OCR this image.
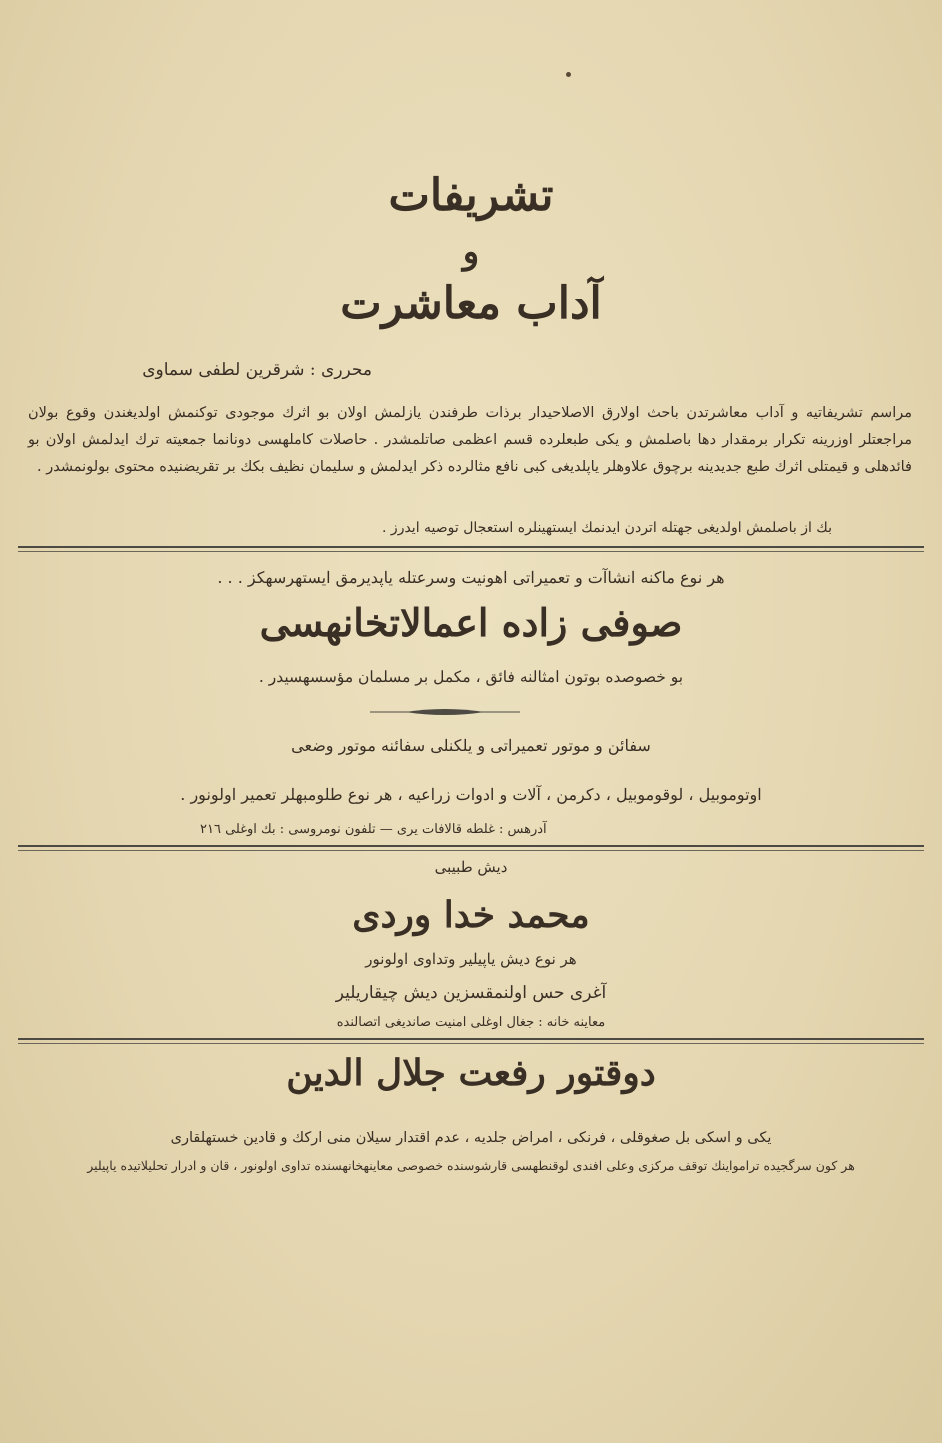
تشریفات
و
آداب معاشرت
محرری : شرقرین لطفی سماوی
مراسم تشریفاتیه و آداب معاشرتدن باحث اولارق الاصلاحیدار برذات طرفندن یازلمش اولان بو اثرك موجودی توكنمش اولدیغندن وقوع بولان مراجعتلر اوزرینه تكرار برمقدار دها باصلمش و یكی طبعلرده قسم اعظمی صاتلمشدر . حاصلات كاملهسی دونانما جمعیته ترك ایدلمش اولان بو فائدهلی و قیمتلی اثرك طبع جدیدینه برچوق علاوهلر یاپلدیغی كبی نافع مثالرده ذكر ایدلمش و سلیمان نظیف بكك بر تقریضنیده محتوی بولونمشدر .
بك از باصلمش اولدیغی جهتله اتردن ایدنمك ایستهینلره استعجال توصیه ایدرز .
هر نوع ماكنه انشاآت و تعمیراتی اهونیت وسرعتله یاپدیرمق ایستهرسهكز . . .
صوفی زاده اعمالاتخانهسی
بو خصوصده بوتون امثالنه فائق ، مكمل بر مسلمان مؤسسهسیدر .
سفائن و موتور تعمیراتی و یلكنلی سفائنه موتور وضعی
اوتوموبیل ، لوقوموبیل ، دكرمن ، آلات و ادوات زراعیه ، هر نوع طلومبهلر تعمیر اولونور .
آدرهس : غلطه قالافات یری — تلفون نومروسی : بك اوغلی ٢١٦
دیش طبیبی
محمد خدا وردی
هر نوع دیش یاپیلیر وتداوی اولونور
آغری حس اولنمقسزین دیش چیقاریلیر
معاینه خانه : جغال اوغلی امنیت صاندیغی اتصالنده
دوقتور رفعت جلال الدین
یكی و اسكی بل صغوقلی ، فرنكی ، امراض جلدیه ، عدم اقتدار سیلان منی اركك و قادین خستهلقاری
هر كون سرگجیده ترامواینك توقف مركزی وعلی افندی لوقنطهسی قارشوسنده خصوصی معاینهخانهسنده تداوی اولونور ، قان و ادرار تحلیلاتیده یاپیلیر
